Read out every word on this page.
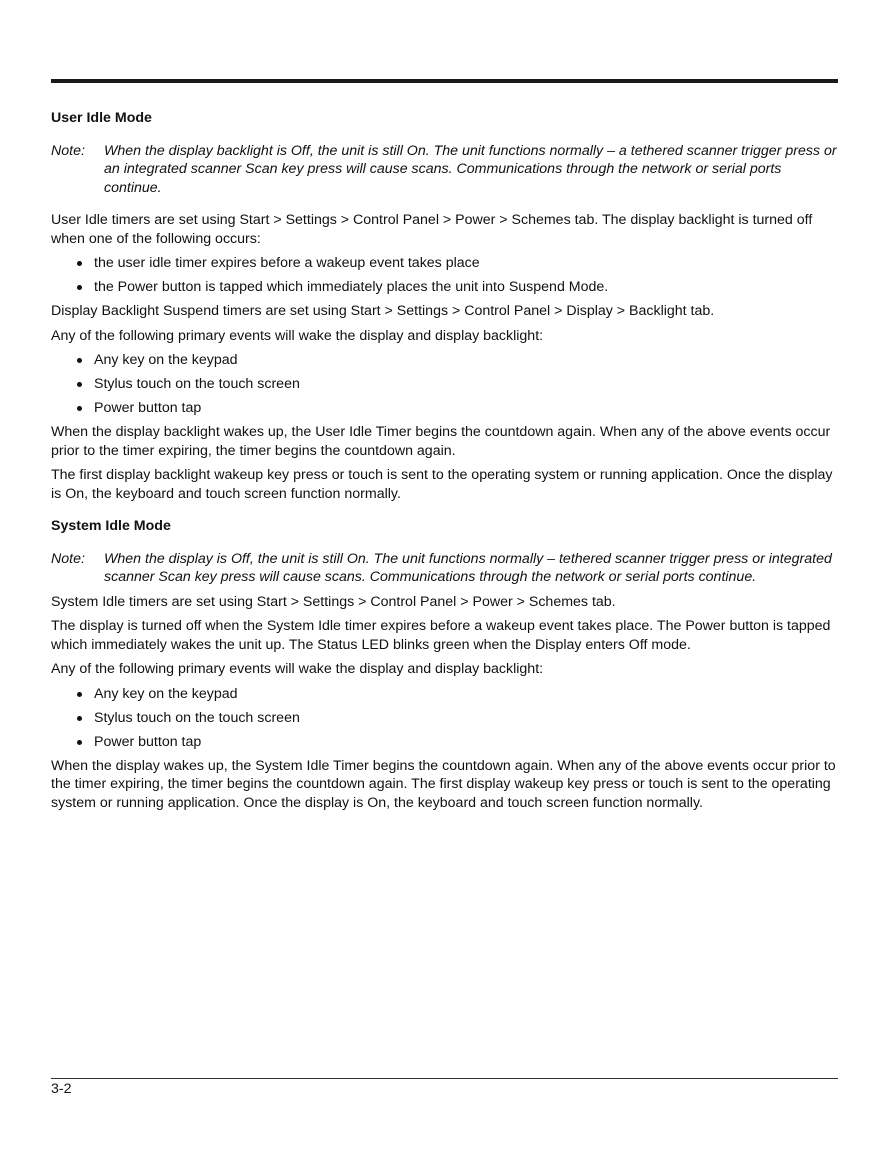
User Idle Mode
Note: When the display backlight is Off, the unit is still On. The unit functions normally – a tethered scanner trigger press or an integrated scanner Scan key press will cause scans. Communications through the network or serial ports continue.

User Idle timers are set using Start > Settings > Control Panel > Power > Schemes tab. The display backlight is turned off when one of the following occurs:

the user idle timer expires before a wakeup event takes place
the Power button is tapped which immediately places the unit into Suspend Mode.

Display Backlight Suspend timers are set using Start > Settings > Control Panel > Display > Backlight tab.

Any of the following primary events will wake the display and display backlight:

Any key on the keypad
Stylus touch on the touch screen
Power button tap

When the display backlight wakes up, the User Idle Timer begins the countdown again. When any of the above events occur prior to the timer expiring, the timer begins the countdown again.

The first display backlight wakeup key press or touch is sent to the operating system or running application. Once the display is On, the keyboard and touch screen function normally.

System Idle Mode
Note: When the display is Off, the unit is still On. The unit functions normally – tethered scanner trigger press or integrated scanner Scan key press will cause scans. Communications through the network or serial ports continue.

System Idle timers are set using Start > Settings > Control Panel > Power > Schemes tab.

The display is turned off when the System Idle timer expires before a wakeup event takes place. The Power button is tapped which immediately wakes the unit up. The Status LED blinks green when the Display enters Off mode.

Any of the following primary events will wake the display and display backlight:

Any key on the keypad
Stylus touch on the touch screen
Power button tap

When the display wakes up, the System Idle Timer begins the countdown again. When any of the above events occur prior to the timer expiring, the timer begins the countdown again. The first display wakeup key press or touch is sent to the operating system or running application. Once the display is On, the keyboard and touch screen function normally.

3-2
